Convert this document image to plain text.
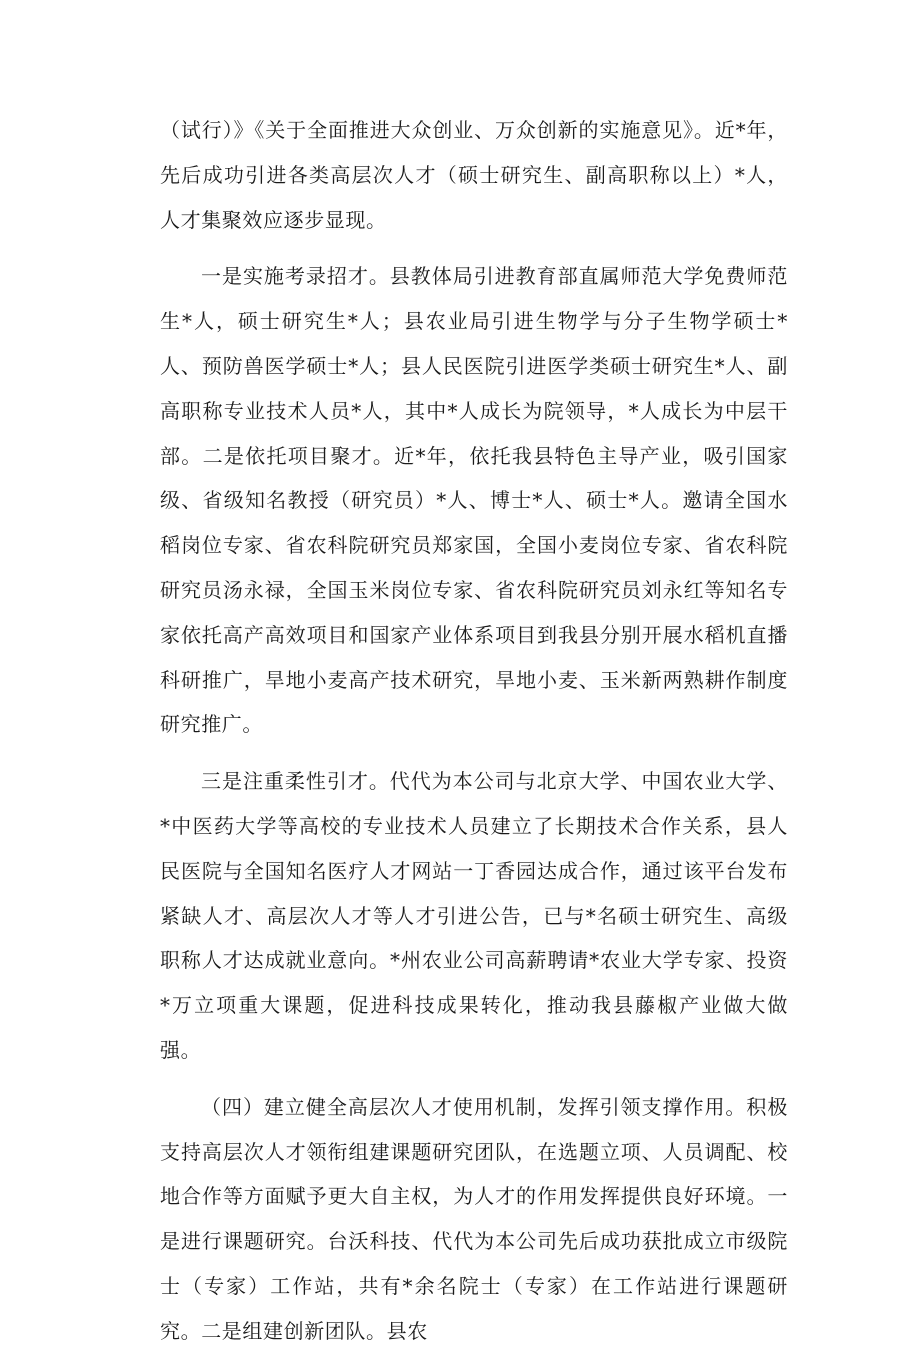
（试行）》《关于全面推进大众创业、万众创新的实施意见》。近*年，先后成功引进各类高层次人才（硕士研究生、副高职称以上）*人，人才集聚效应逐步显现。

一是实施考录招才。县教体局引进教育部直属师范大学免费师范生*人，硕士研究生*人；县农业局引进生物学与分子生物学硕士*人、预防兽医学硕士*人；县人民医院引进医学类硕士研究生*人、副高职称专业技术人员*人，其中*人成长为院领导，*人成长为中层干部。二是依托项目聚才。近*年，依托我县特色主导产业，吸引国家级、省级知名教授（研究员）*人、博士*人、硕士*人。邀请全国水稻岗位专家、省农科院研究员郑家国，全国小麦岗位专家、省农科院研究员汤永禄，全国玉米岗位专家、省农科院研究员刘永红等知名专家依托高产高效项目和国家产业体系项目到我县分别开展水稻机直播科研推广，旱地小麦高产技术研究，旱地小麦、玉米新两熟耕作制度研究推广。

三是注重柔性引才。代代为本公司与北京大学、中国农业大学、*中医药大学等高校的专业技术人员建立了长期技术合作关系，县人民医院与全国知名医疗人才网站一丁香园达成合作，通过该平台发布紧缺人才、高层次人才等人才引进公告，已与*名硕士研究生、高级职称人才达成就业意向。*州农业公司高薪聘请*农业大学专家、投资*万立项重大课题，促进科技成果转化，推动我县藤椒产业做大做强。

（四）建立健全高层次人才使用机制，发挥引领支撑作用。积极支持高层次人才领衔组建课题研究团队，在选题立项、人员调配、校地合作等方面赋予更大自主权，为人才的作用发挥提供良好环境。一是进行课题研究。台沃科技、代代为本公司先后成功获批成立市级院士（专家）工作站，共有*余名院士（专家）在工作站进行课题研究。二是组建创新团队。县农
